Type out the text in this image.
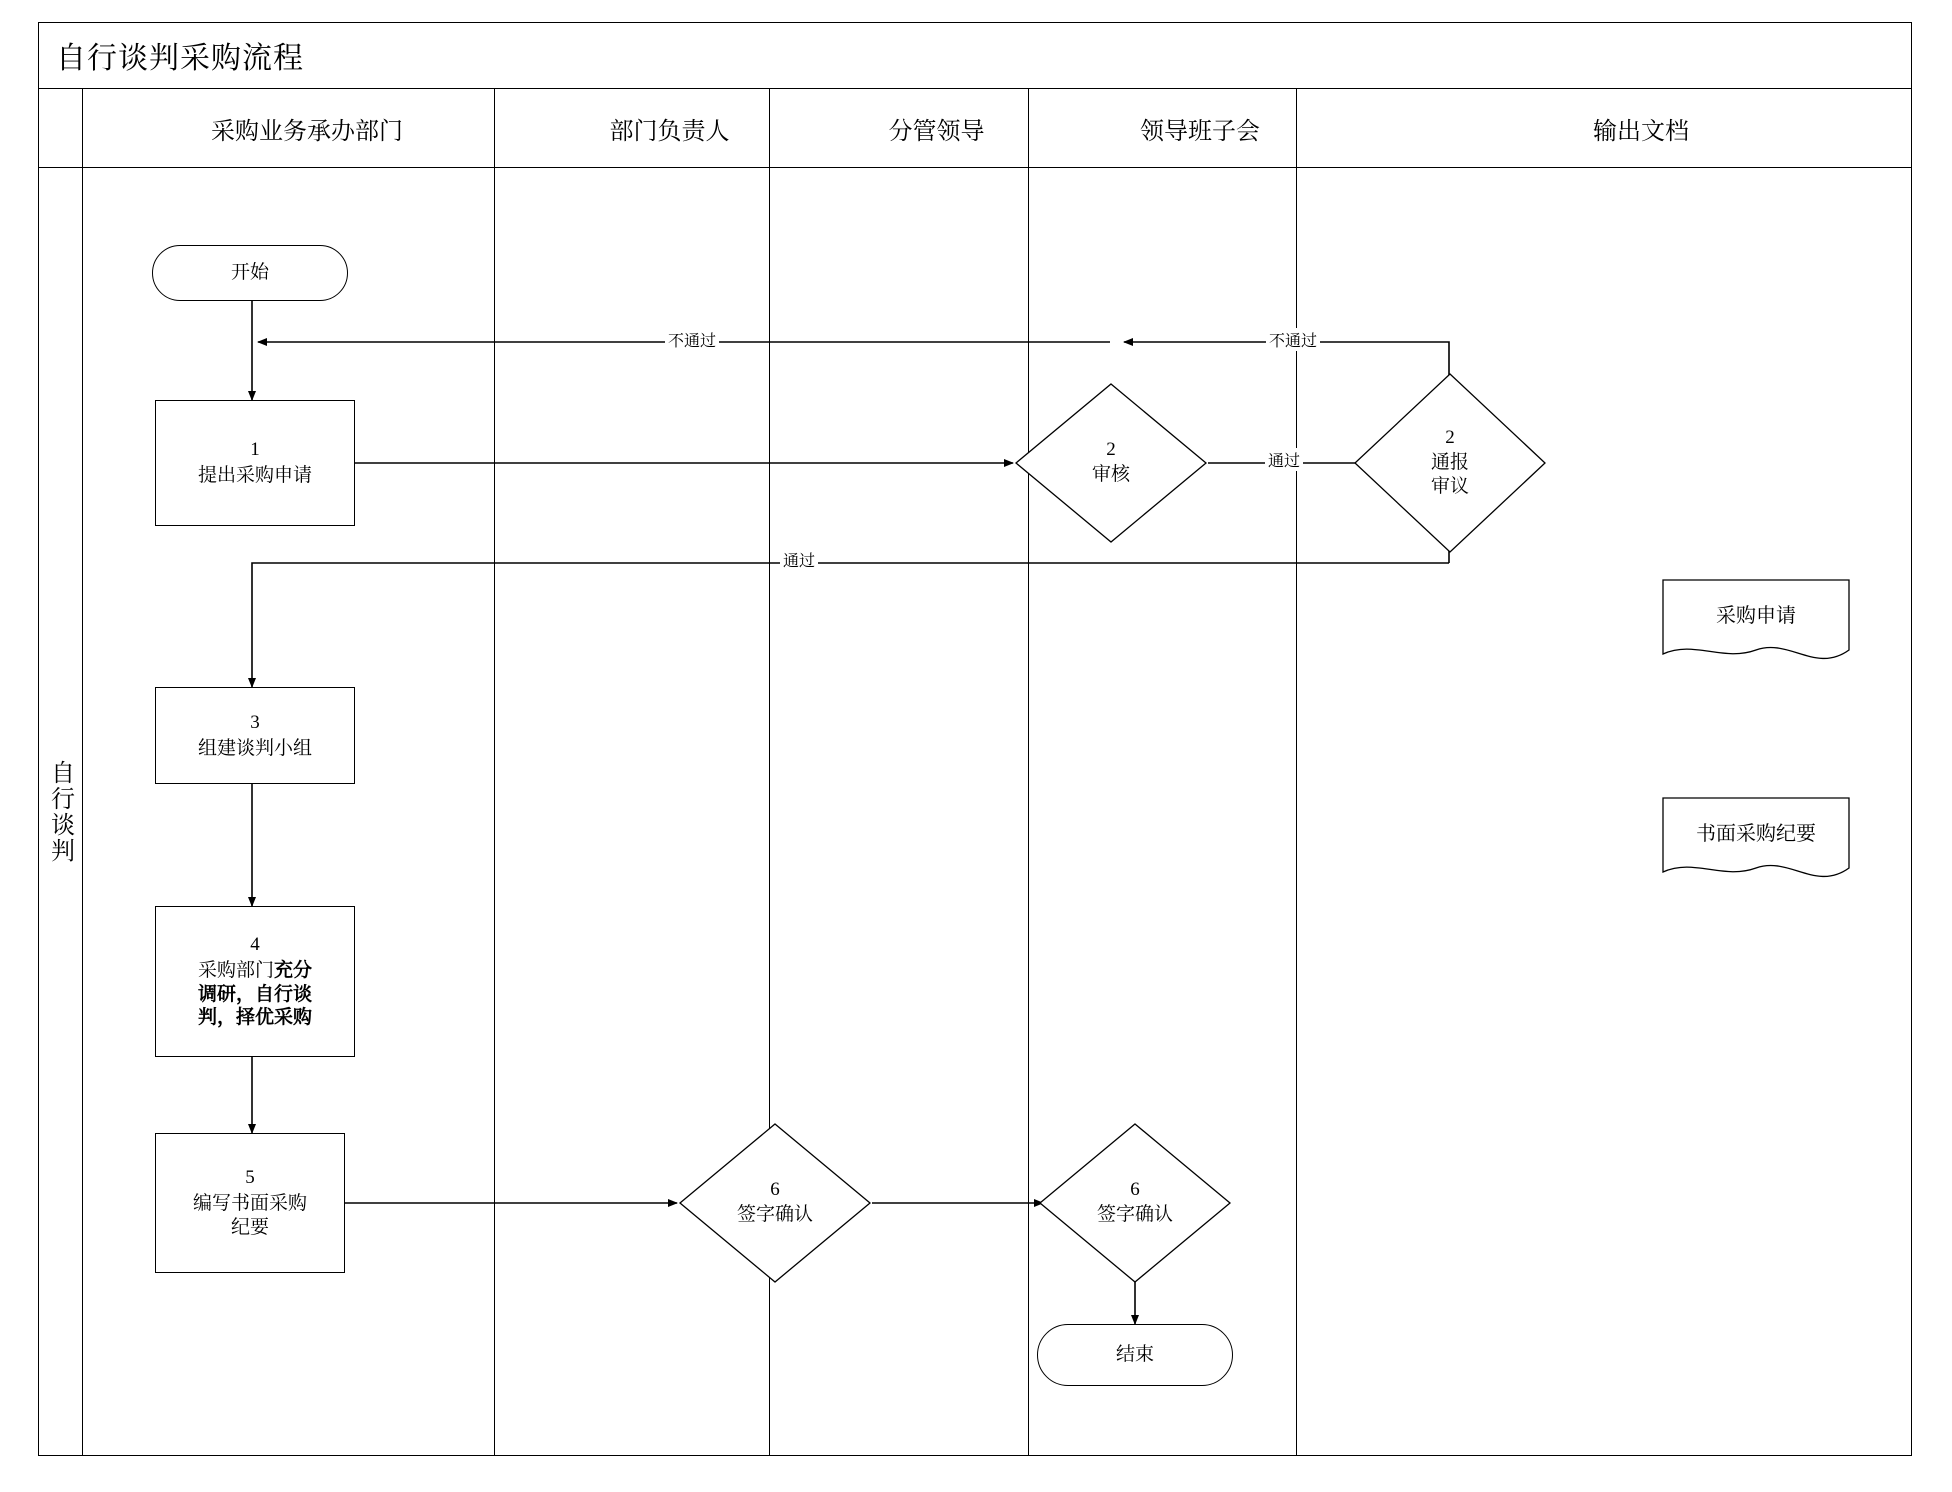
自行谈判采购流程
采购业务承办部门	部门负责人	分管领导	领导班子会	输出文档
自行谈判
不通过	不通过
通过
通过
开始
1
提出采购申请
2
审核
2
通报
审议
3
组建谈判小组
4
采购部门充分
调研，自行谈
判，择优采购
5
编写书面采购
纪要
6
签字确认
6
签字确认
结束
采购申请
书面采购纪要
